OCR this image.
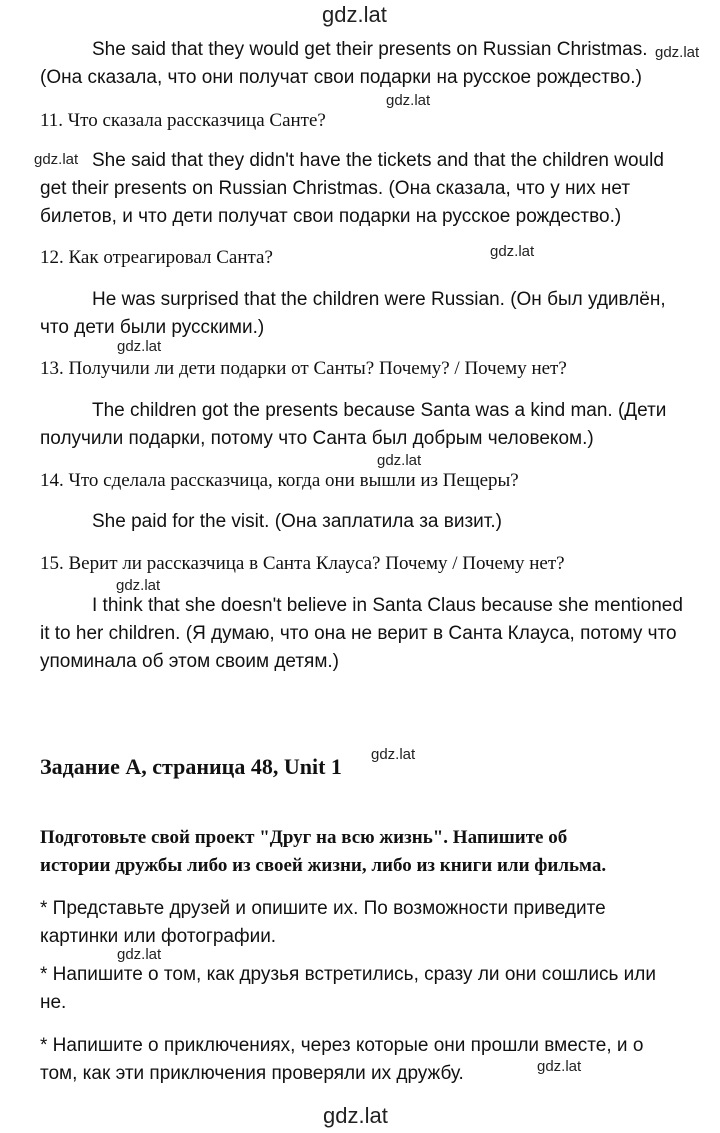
gdz.lat
gdz.lat
gdz.lat
gdz.lat
gdz.lat
gdz.lat
gdz.lat
gdz.lat
gdz.lat
gdz.lat
gdz.lat
gdz.lat
She said that they would get their presents on Russian Christmas.
(Она сказала, что они получат свои подарки на русское рождество.)
11. Что сказала рассказчица Санте?
She said that they didn't have the tickets and that the children would
get their presents on Russian Christmas. (Она сказала, что у них нет
билетов, и что дети получат свои подарки на русское рождество.)
12. Как отреагировал Санта?
He was surprised that the children were Russian. (Он был удивлён,
что дети были русскими.)
13. Получили ли дети подарки от Санты? Почему? / Почему нет?
The children got the presents because Santa was a kind man. (Дети
получили подарки, потому что Санта был добрым человеком.)
14. Что сделала рассказчица, когда они вышли из Пещеры?
She paid for the visit. (Она заплатила за визит.)
15. Верит ли рассказчица в Санта Клауса? Почему / Почему нет?
I think that she doesn't believe in Santa Claus because she mentioned
it to her children. (Я думаю, что она не верит в Санта Клауса, потому что
упоминала об этом своим детям.)
Задание А, страница 48, Unit 1
Подготовьте свой проект "Друг на всю жизнь". Напишите об
истории дружбы либо из своей жизни, либо из книги или фильма.
* Представьте друзей и опишите их. По возможности приведите
картинки или фотографии.
* Напишите о том, как друзья встретились, сразу ли они сошлись или
не.
* Напишите о приключениях, через которые они прошли вместе, и о
том, как эти приключения проверяли их дружбу.
